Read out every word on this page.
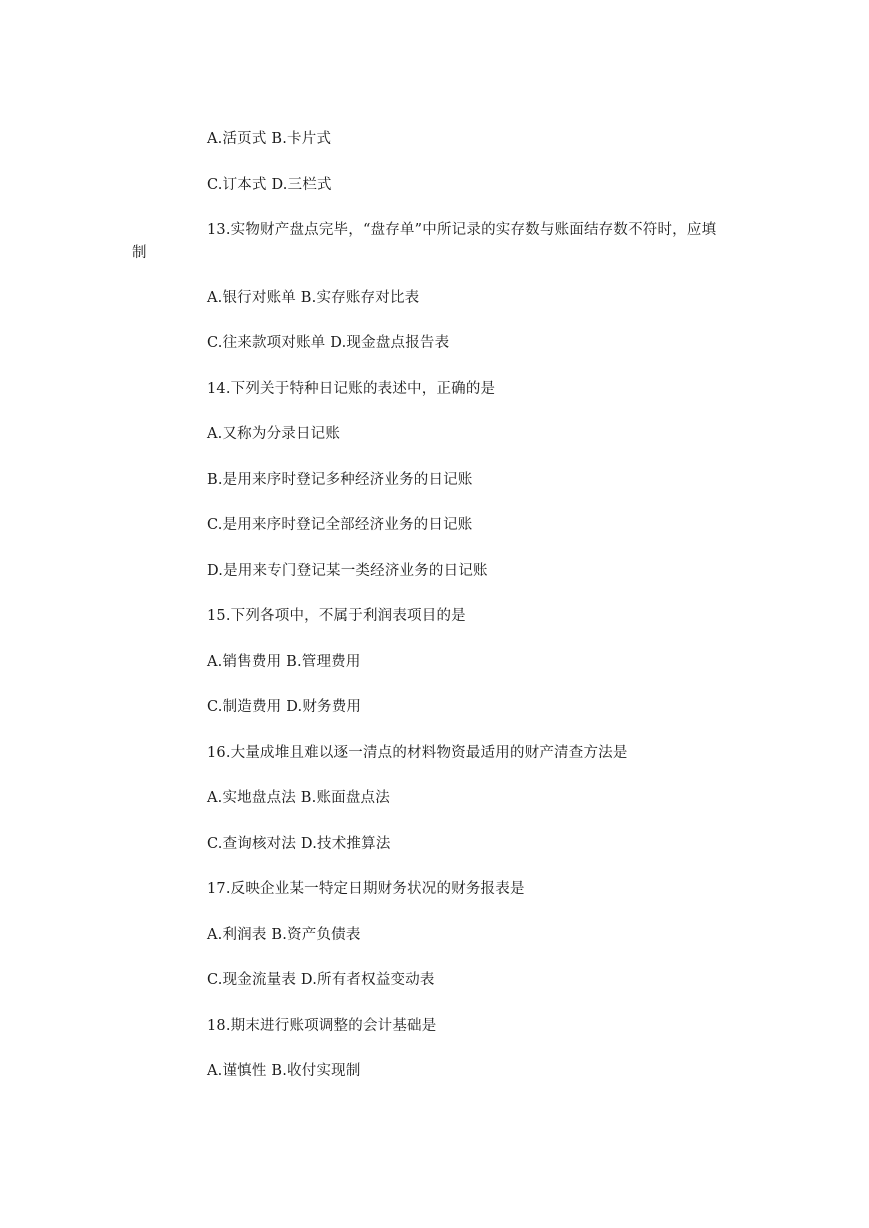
A.活页式 B.卡片式
C.订本式 D.三栏式
13.实物财产盘点完毕，“盘存单”中所记录的实存数与账面结存数不符时，应填
制
A.银行对账单 B.实存账存对比表
C.往来款项对账单 D.现金盘点报告表
14.下列关于特种日记账的表述中，正确的是
A.又称为分录日记账
B.是用来序时登记多种经济业务的日记账
C.是用来序时登记全部经济业务的日记账
D.是用来专门登记某一类经济业务的日记账
15.下列各项中，不属于利润表项目的是
A.销售费用 B.管理费用
C.制造费用 D.财务费用
16.大量成堆且难以逐一清点的材料物资最适用的财产清查方法是
A.实地盘点法 B.账面盘点法
C.查询核对法 D.技术推算法
17.反映企业某一特定日期财务状况的财务报表是
A.利润表 B.资产负债表
C.现金流量表 D.所有者权益变动表
18.期末进行账项调整的会计基础是
A.谨慎性 B.收付实现制
